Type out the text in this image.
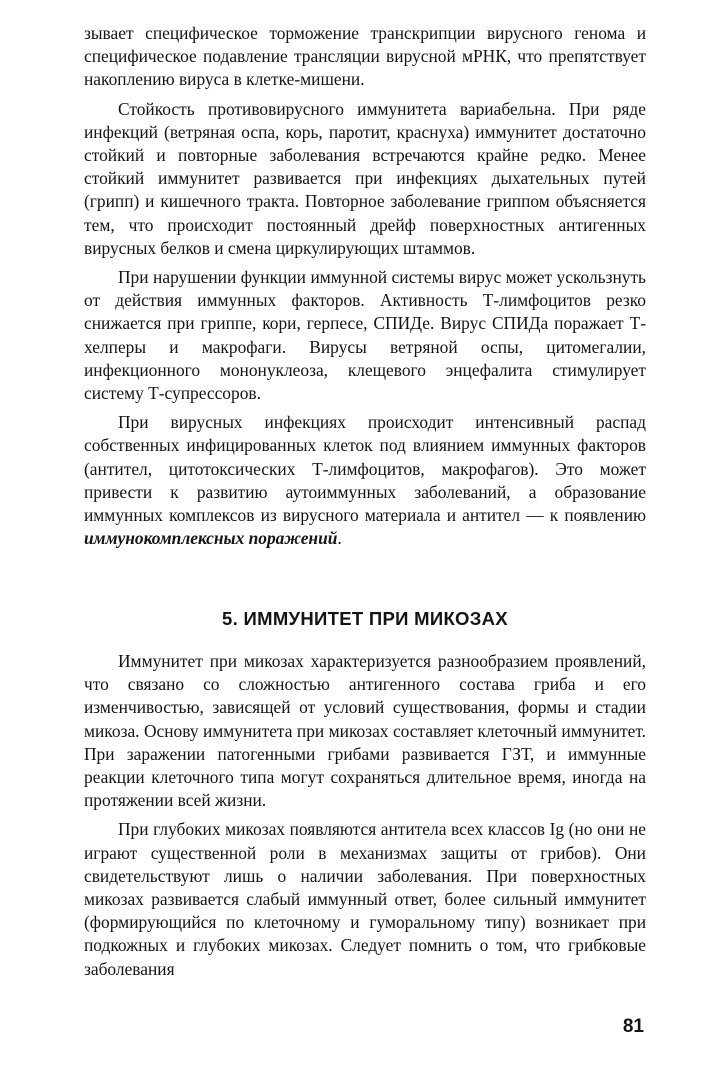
зывает специфическое торможение транскрипции вирусного генома и специфическое подавление трансляции вирусной мРНК, что препятствует накоплению вируса в клетке-мишени.

Стойкость противовирусного иммунитета вариабельна. При ряде инфекций (ветряная оспа, корь, паротит, краснуха) иммунитет достаточно стойкий и повторные заболевания встречаются крайне редко. Менее стойкий иммунитет развивается при инфекциях дыхательных путей (грипп) и кишечного тракта. Повторное заболевание гриппом объясняется тем, что происходит постоянный дрейф поверхностных антигенных вирусных белков и смена циркулирующих штаммов.

При нарушении функции иммунной системы вирус может ускользнуть от действия иммунных факторов. Активность Т-лимфоцитов резко снижается при гриппе, кори, герпесе, СПИДе. Вирус СПИДа поражает Т-хелперы и макрофаги. Вирусы ветряной оспы, цитомегалии, инфекционного мононуклеоза, клещевого энцефалита стимулирует систему Т-супрессоров.

При вирусных инфекциях происходит интенсивный распад собственных инфицированных клеток под влиянием иммунных факторов (антител, цитотоксических Т-лимфоцитов, макрофагов). Это может привести к развитию аутоиммунных заболеваний, а образование иммунных комплексов из вирусного материала и антител — к появлению иммунокомплексных поражений.

5. ИММУНИТЕТ ПРИ МИКОЗАХ

Иммунитет при микозах характеризуется разнообразием проявлений, что связано со сложностью антигенного состава гриба и его изменчивостью, зависящей от условий существования, формы и стадии микоза. Основу иммунитета при микозах составляет клеточный иммунитет. При заражении патогенными грибами развивается ГЗТ, и иммунные реакции клеточного типа могут сохраняться длительное время, иногда на протяжении всей жизни.

При глубоких микозах появляются антитела всех классов Ig (но они не играют существенной роли в механизмах защиты от грибов). Они свидетельствуют лишь о наличии заболевания. При поверхностных микозах развивается слабый иммунный ответ, более сильный иммунитет (формирующийся по клеточному и гуморальному типу) возникает при подкожных и глубоких микозах. Следует помнить о том, что грибковые заболевания

81
